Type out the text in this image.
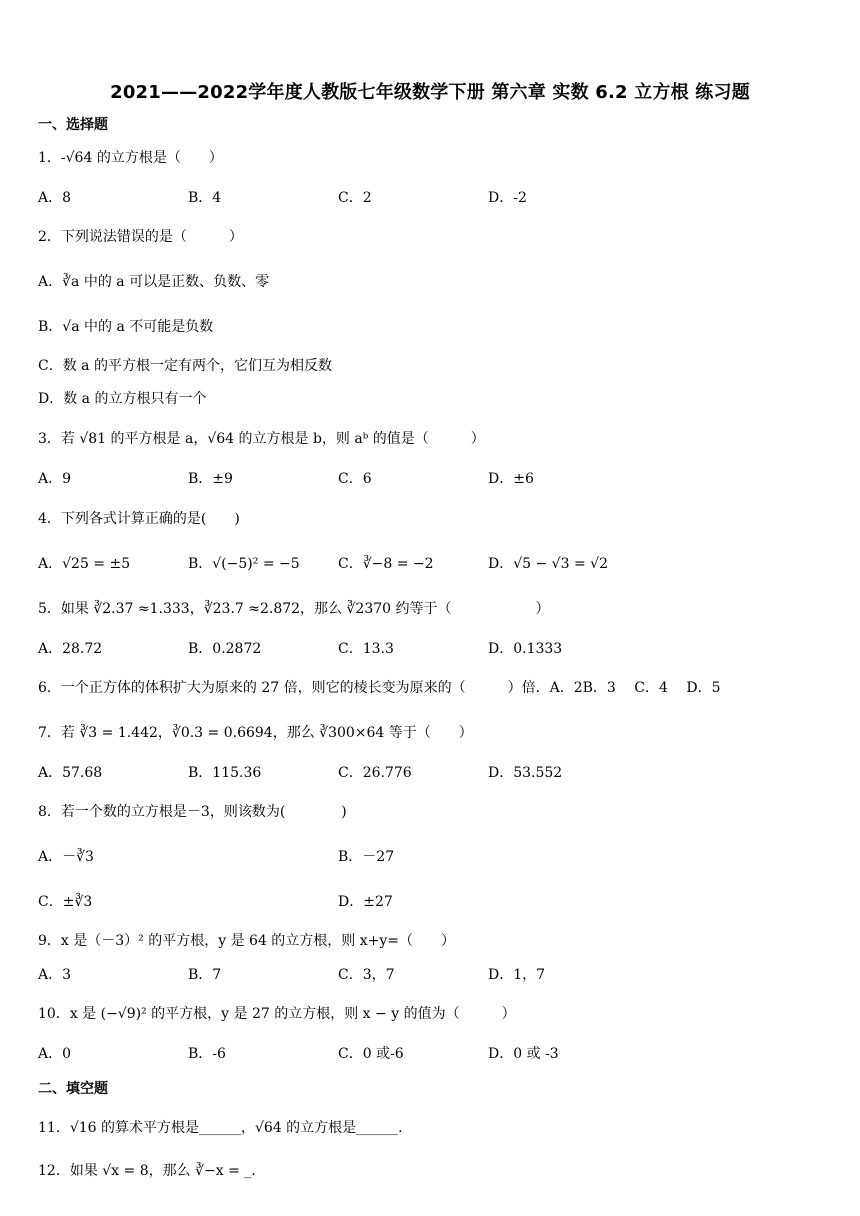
2021——2022学年度人教版七年级数学下册 第六章 实数 6.2 立方根 练习题
一、选择题
1．-√64 的立方根是（　　）
A．8	B．4	C．2	D．-2
2．下列说法错误的是（　　　）
A．∛a 中的 a 可以是正数、负数、零
B．√a 中的 a 不可能是负数
C．数 a 的平方根一定有两个，它们互为相反数
D．数 a 的立方根只有一个
3．若 √81 的平方根是 a，√64 的立方根是 b，则 aᵇ 的值是（　　　）
A．9	B．±9	C．6	D．±6
4．下列各式计算正确的是(　　)
A．√25 = ±5	B．√(−5)² = −5	C．∛−8 = −2	D．√5 − √3 = √2
5．如果 ∛2.37 ≈1.333，∛23.7 ≈2.872，那么 ∛2370 约等于（　　　　　　）
A．28.72	B．0.2872	C．13.3	D．0.1333
6．一个正方体的体积扩大为原来的 27 倍，则它的棱长变为原来的（　　　）倍．A．2B．3　 C．4　 D．5
7．若 ∛3 = 1.442，∛0.3 = 0.6694，那么 ∛300×64 等于（　　）
A．57.68	B．115.36	C．26.776	D．53.552
8．若一个数的立方根是－3，则该数为(　　　　)
A．－∛3	B．－27
C．±∛3	D．±27
9．x 是（－3）² 的平方根，y 是 64 的立方根，则 x+y=（　　）
A．3	B．7	C．3，7	D．1，7
10．x 是 (−√9)² 的平方根，y 是 27 的立方根，则 x − y 的值为（　　　）
A．0	B．-6	C．0 或-6	D．0 或 -3
二、填空题
11．√16 的算术平方根是______，√64 的立方根是______.
12．如果 √x = 8，那么 ∛−x = _.
